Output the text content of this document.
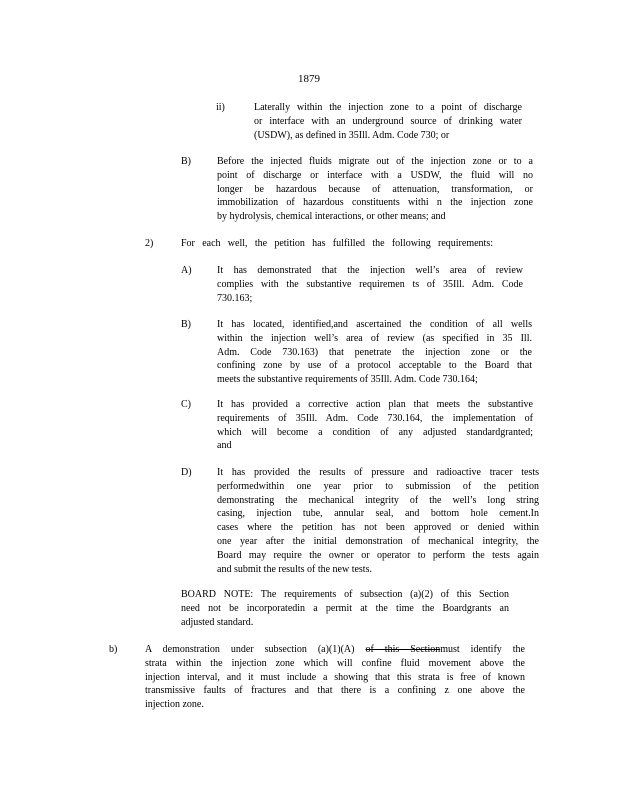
1879
ii)	Laterally within the injection zone to a point of discharge
or interface with an underground source of drinking water
(USDW), as defined in 35Ill. Adm. Code 730; or
B)	Before the injected fluids migrate out of the injection zone or to a
point of discharge or interface with a USDW, the fluid will no
longer be hazardous because of attenuation, transformation, or
immobilization of hazardous constituents withi n the injection zone
by hydrolysis, chemical interactions, or other means; and
2)	For each well, the petition has fulfilled the following requirements:
A)	It has demonstrated that the injection well’s area of review
complies with the substantive requiremen ts of 35Ill. Adm. Code
730.163;
B)	It has located, identified,and ascertained the condition of all wells
within the injection well’s area of review (as specified in 35 Ill.
Adm. Code 730.163) that penetrate the injection zone or the
confining zone by use of a protocol acceptable to the Board that
meets the substantive requirements of 35Ill. Adm. Code 730.164;
C)	It has provided a corrective action plan that meets the substantive
requirements of 35Ill. Adm. Code 730.164, the implementation of
which will become a condition of any adjusted standardgranted;
and
D)	It has provided the results of pressure and radioactive tracer tests
performedwithin one year prior to submission of the petition
demonstrating the mechanical integrity of the well’s long string
casing, injection tube, annular seal, and bottom hole cement.In
cases where the petition has not been approved or denied within
one year after the initial demonstration of mechanical integrity, the
Board may require the owner or operator to perform the tests again
and submit the results of the new tests.
BOARD NOTE: The requirements of subsection (a)(2) of this Section
need not be incorporatedin a permit at the time the Boardgrants an
adjusted standard.
b)	A demonstration under subsection (a)(1)(A) of this Sectionmust identify the
strata within the injection zone which will confine fluid movement above the
injection interval, and it must include a showing that this strata is free of known
transmissive faults of fractures and that there is a confining z one above the
injection zone.
